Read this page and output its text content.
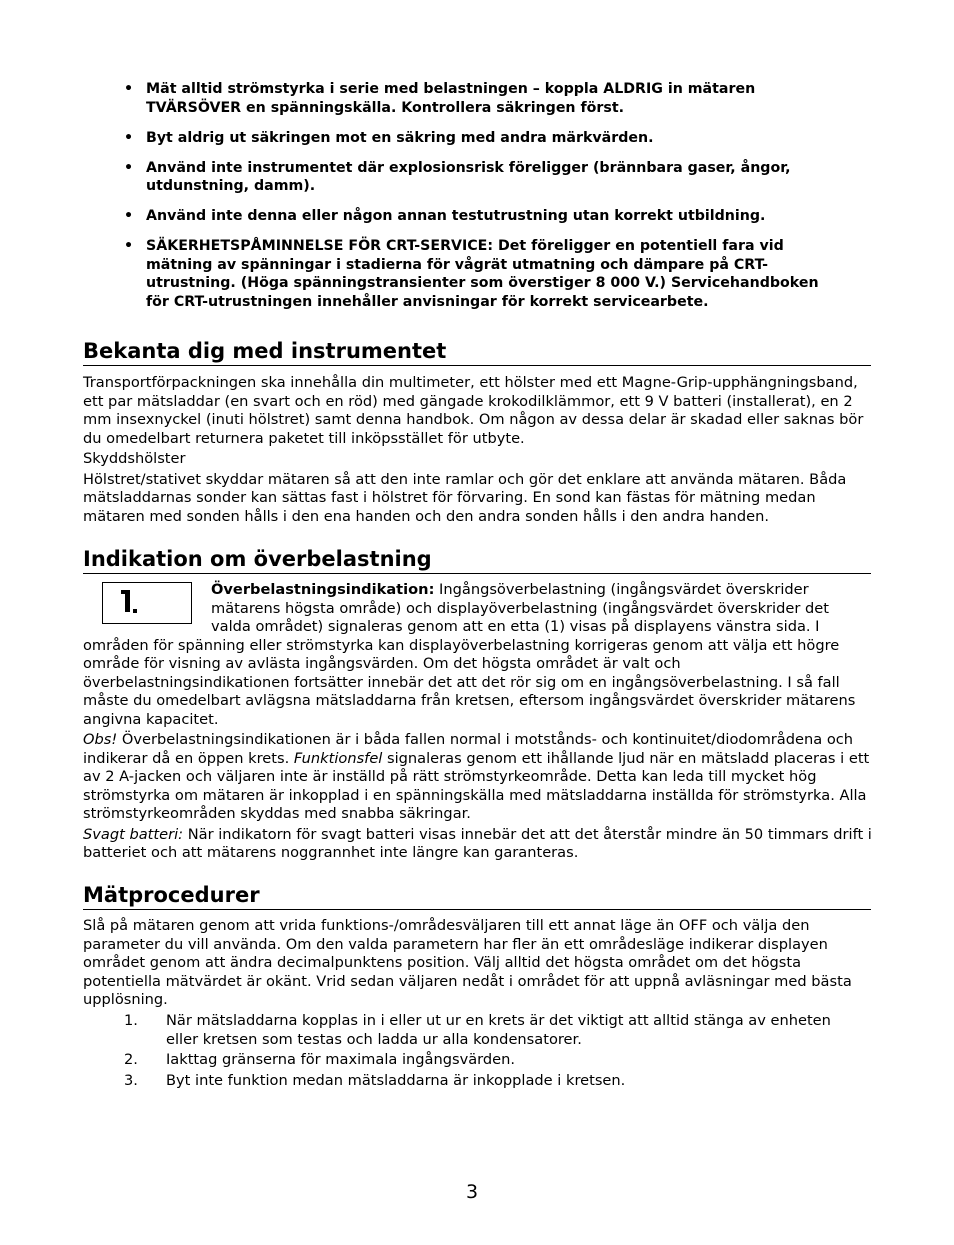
• Mät alltid strömstyrka i serie med belastningen – koppla ALDRIG in mätaren TVÄRSÖVER en spänningskälla. Kontrollera säkringen först.
• Byt aldrig ut säkringen mot en säkring med andra märkvärden.
• Använd inte instrumentet där explosionsrisk föreligger (brännbara gaser, ångor, utdunstning, damm).
• Använd inte denna eller någon annan testutrustning utan korrekt utbildning.
• SÄKERHETSPÅMINNELSE FÖR CRT-SERVICE: Det föreligger en potentiell fara vid mätning av spänningar i stadierna för vågrät utmatning och dämpare på CRT-utrustning. (Höga spänningstransienter som överstiger 8 000 V.) Servicehandboken för CRT-utrustningen innehåller anvisningar för korrekt servicearbete.
Bekanta dig med instrumentet

Transportförpackningen ska innehålla din multimeter, ett hölster med ett Magne-Grip-upphängningsband, ett par mätsladdar (en svart och en röd) med gängade krokodilklämmor, ett 9 V batteri (installerat), en 2 mm insexnyckel (inuti hölstret) samt denna handbok. Om någon av dessa delar är skadad eller saknas bör du omedelbart returnera paketet till inköpsstället för utbyte.

Skyddshölster

Hölstret/stativet skyddar mätaren så att den inte ramlar och gör det enklare att använda mätaren. Båda mätsladdarnas sonder kan sättas fast i hölstret för förvaring. En sond kan fästas för mätning medan mätaren med sonden hålls i den ena handen och den andra sonden hålls i den andra handen.

Indikation om överbelastning

Överbelastningsindikation: Ingångsöverbelastning (ingångsvärdet överskrider mätarens högsta område) och displayöverbelastning (ingångsvärdet överskrider det valda området) signaleras genom att en etta (1) visas på displayens vänstra sida. I områden för spänning eller strömstyrka kan displayöverbelastning korrigeras genom att välja ett högre område för visning av avlästa ingångsvärden. Om det högsta området är valt och överbelastningsindikationen fortsätter innebär det att det rör sig om en ingångsöverbelastning. I så fall måste du omedelbart avlägsna mätsladdarna från kretsen, eftersom ingångsvärdet överskrider mätarens angivna kapacitet.

Obs! Överbelastningsindikationen är i båda fallen normal i motstånds- och kontinuitet/diodområdena och indikerar då en öppen krets. Funktionsfel signaleras genom ett ihållande ljud när en mätsladd placeras i ett av 2 A-jacken och väljaren inte är inställd på rätt strömstyrkeområde. Detta kan leda till mycket hög strömstyrka om mätaren är inkopplad i en spänningskälla med mätsladdarna inställda för strömstyrka. Alla strömstyrkeområden skyddas med snabba säkringar.

Svagt batteri: När indikatorn för svagt batteri visas innebär det att det återstår mindre än 50 timmars drift i batteriet och att mätarens noggrannhet inte längre kan garanteras.

Mätprocedurer

Slå på mätaren genom att vrida funktions-/områdesväljaren till ett annat läge än OFF och välja den parameter du vill använda. Om den valda parametern har fler än ett områdesläge indikerar displayen området genom att ändra decimalpunktens position. Välj alltid det högsta området om det högsta potentiella mätvärdet är okänt. Vrid sedan väljaren nedåt i området för att uppnå avläsningar med bästa upplösning.

1. När mätsladdarna kopplas in i eller ut ur en krets är det viktigt att alltid stänga av enheten eller kretsen som testas och ladda ur alla kondensatorer.
2. Iakttag gränserna för maximala ingångsvärden.
3. Byt inte funktion medan mätsladdarna är inkopplade i kretsen.
3
